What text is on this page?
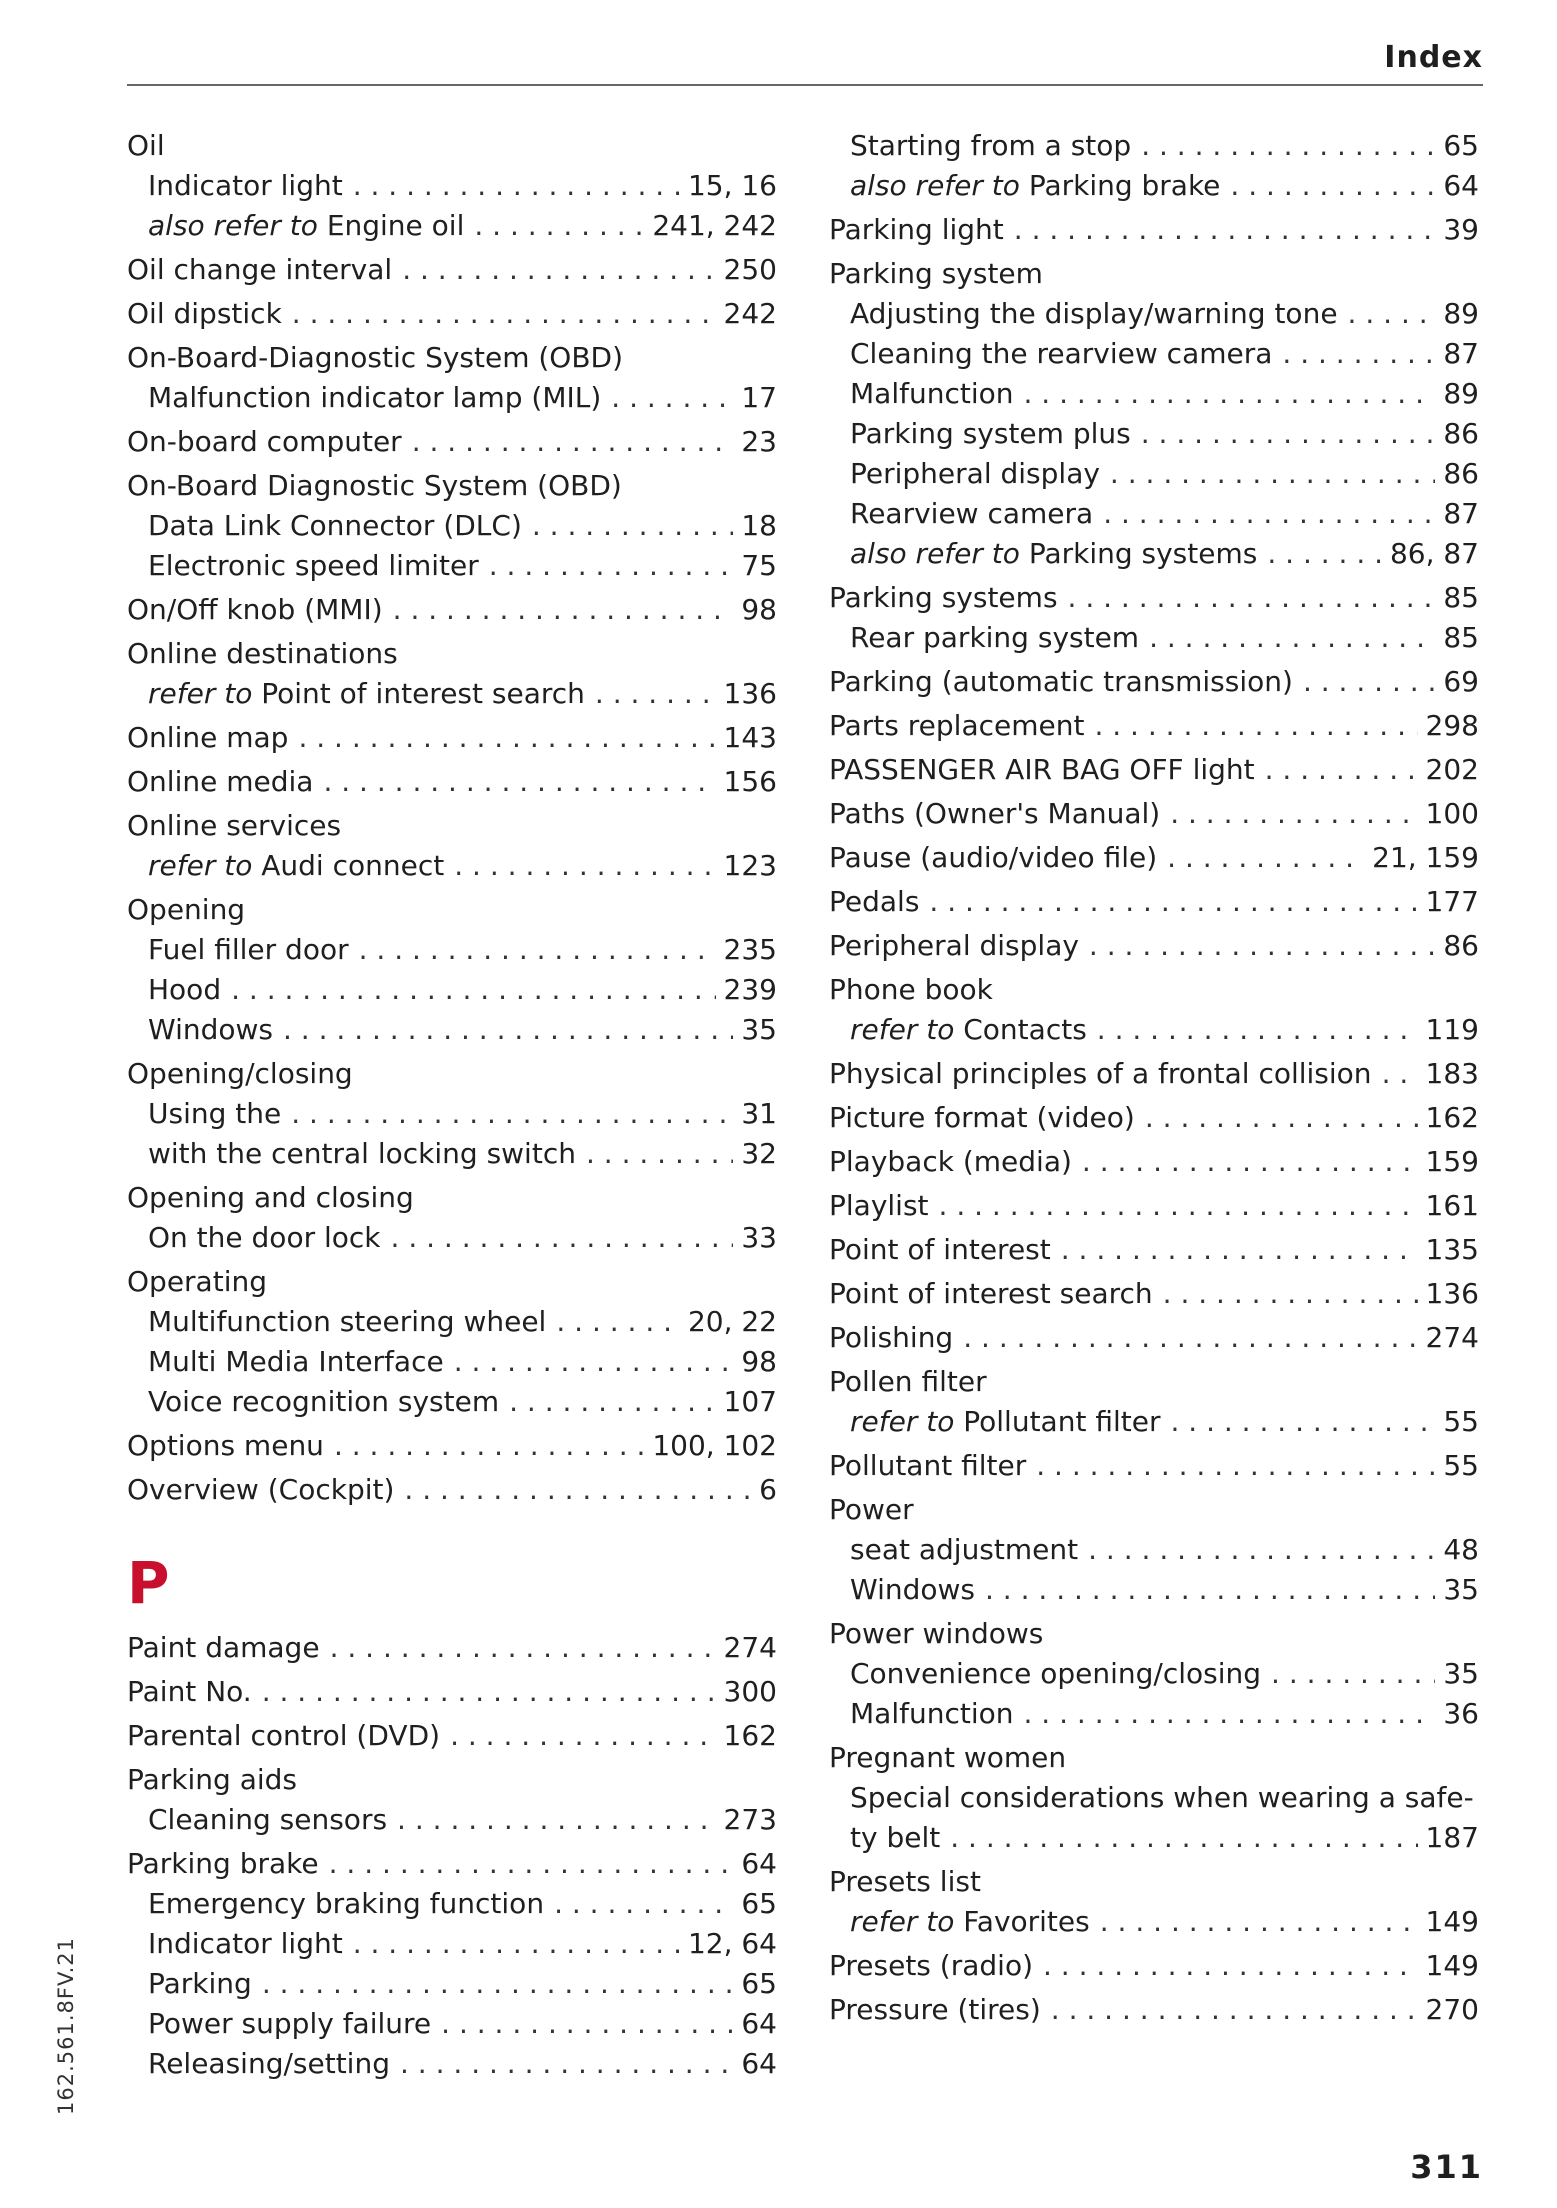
Index
Oil
Indicator light . . .	15, 16
also refer to Engine oil . . .	241, 242
Oil change interval . . .	250
Oil dipstick . . .	242
On-Board-Diagnostic System (OBD)
Malfunction indicator lamp (MIL) . . .	17
On-board computer . . .	23
On-Board Diagnostic System (OBD)
Data Link Connector (DLC) . . .	18
Electronic speed limiter . . .	75
On/Off knob (MMI) . . .	98
Online destinations
refer to Point of interest search . . .	136
Online map . . .	143
Online media . . .	156
Online services
refer to Audi connect . . .	123
Opening
Fuel filler door . . .	235
Hood . . .	239
Windows . . .	35
Opening/closing
Using the . . .	31
with the central locking switch . . .	32
Opening and closing
On the door lock . . .	33
Operating
Multifunction steering wheel . . .	20, 22
Multi Media Interface . . .	98
Voice recognition system . . .	107
Options menu . . .	100, 102
Overview (Cockpit) . . .	6
P
Paint damage . . .	274
Paint No. . . .	300
Parental control (DVD) . . .	162
Parking aids
Cleaning sensors . . .	273
Parking brake . . .	64
Emergency braking function . . .	65
Indicator light . . .	12, 64
Parking . . .	65
Power supply failure . . .	64
Releasing/setting . . .	64
Starting from a stop . . .	65
also refer to Parking brake . . .	64
Parking light . . .	39
Parking system
Adjusting the display/warning tone . . .	89
Cleaning the rearview camera . . .	87
Malfunction . . .	89
Parking system plus . . .	86
Peripheral display . . .	86
Rearview camera . . .	87
also refer to Parking systems . . .	86, 87
Parking systems . . .	85
Rear parking system . . .	85
Parking (automatic transmission) . . .	69
Parts replacement . . .	298
PASSENGER AIR BAG OFF light . . .	202
Paths (Owner's Manual) . . .	100
Pause (audio/video file) . . .	21, 159
Pedals . . .	177
Peripheral display . . .	86
Phone book
refer to Contacts . . .	119
Physical principles of a frontal collision . . . 183
Picture format (video) . . .	162
Playback (media) . . .	159
Playlist . . .	161
Point of interest . . .	135
Point of interest search . . .	136
Polishing . . .	274
Pollen filter
refer to Pollutant filter . . .	55
Pollutant filter . . .	55
Power
seat adjustment . . .	48
Windows . . .	35
Power windows
Convenience opening/closing . . .	35
Malfunction . . .	36
Pregnant women
Special considerations when wearing a safe-
ty belt . . .	187
Presets list
refer to Favorites . . .	149
Presets (radio) . . .	149
Pressure (tires) . . .	270
162.561.8FV.21
311
